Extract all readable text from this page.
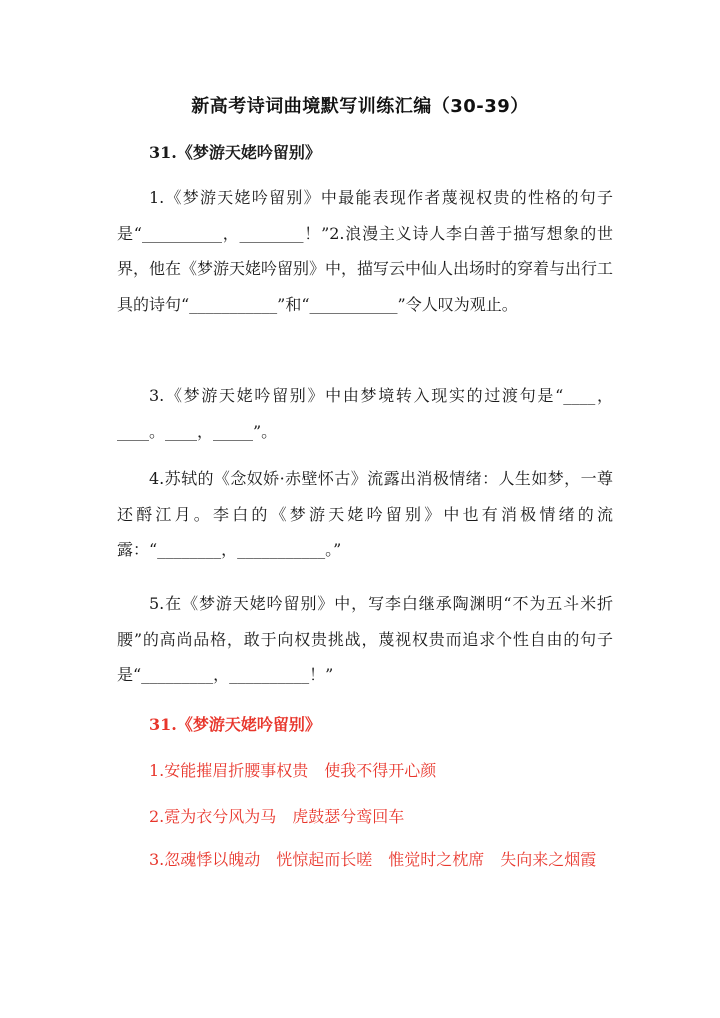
新高考诗词曲境默写训练汇编（30-39）
31.《梦游天姥吟留别》
1.《梦游天姥吟留别》中最能表现作者蔑视权贵的性格的句子是“__________，________！”2.浪漫主义诗人李白善于描写想象的世界，他在《梦游天姥吟留别》中，描写云中仙人出场时的穿着与出行工具的诗句“___________”和“___________”令人叹为观止。
3.《梦游天姥吟留别》中由梦境转入现实的过渡句是“____，____。____，_____”。
4.苏轼的《念奴娇·赤壁怀古》流露出消极情绪：人生如梦，一尊还酹江月。李白的《梦游天姥吟留别》中也有消极情绪的流露：“________，___________。”
5.在《梦游天姥吟留别》中，写李白继承陶渊明“不为五斗米折腰”的高尚品格，敢于向权贵挑战，蔑视权贵而追求个性自由的句子是“_________，__________！”
31.《梦游天姥吟留别》
1.安能摧眉折腰事权贵　使我不得开心颜
2.霓为衣兮风为马　虎鼓瑟兮鸾回车
3.忽魂悸以魄动　恍惊起而长嗟　惟觉时之枕席　失向来之烟霞
